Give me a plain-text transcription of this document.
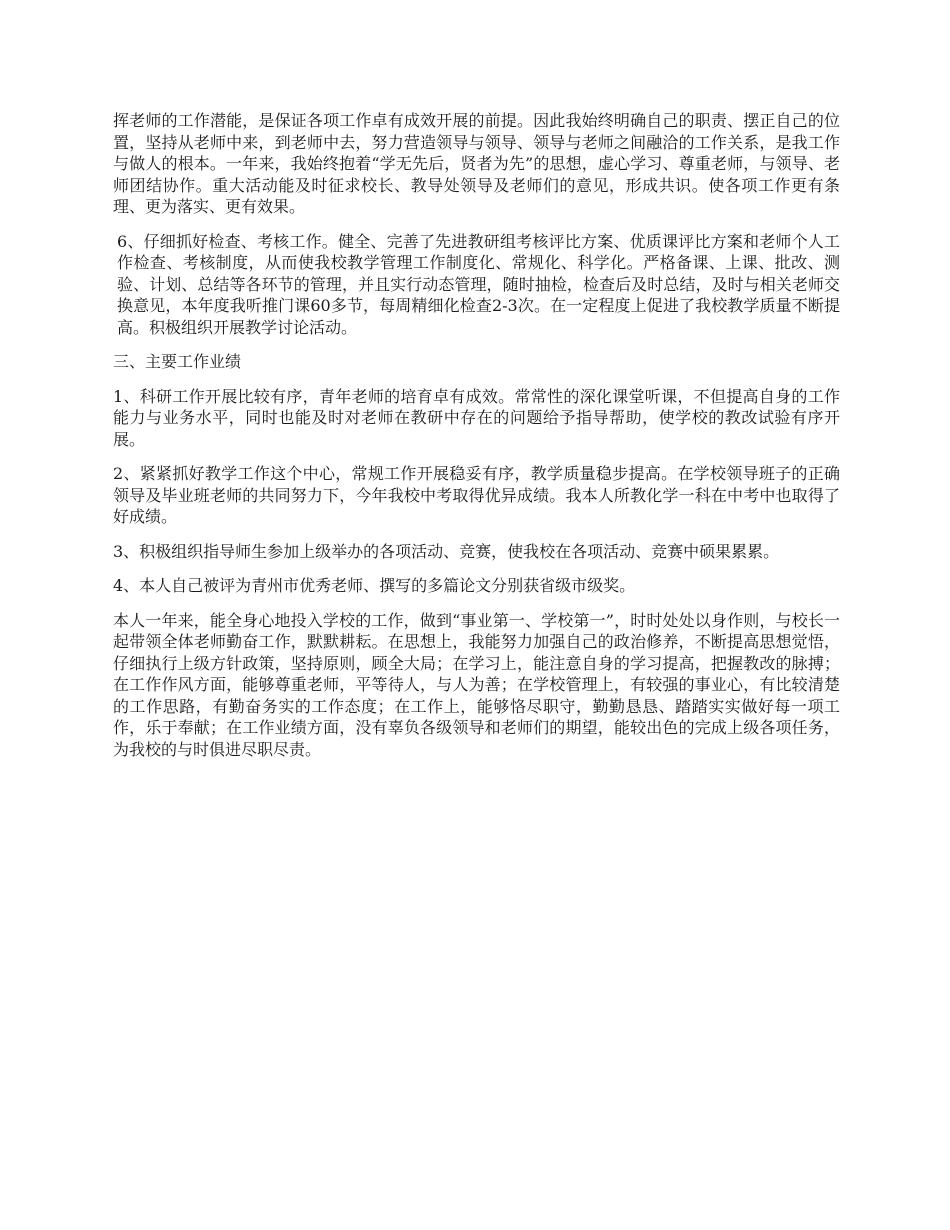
挥老师的工作潜能，是保证各项工作卓有成效开展的前提。因此我始终明确自己的职责、摆正自己的位置，坚持从老师中来，到老师中去，努力营造领导与领导、领导与老师之间融洽的工作关系，是我工作与做人的根本。一年来，我始终抱着“学无先后，贤者为先”的思想，虚心学习、尊重老师，与领导、老师团结协作。重大活动能及时征求校长、教导处领导及老师们的意见，形成共识。使各项工作更有条理、更为落实、更有效果。

6、仔细抓好检查、考核工作。健全、完善了先进教研组考核评比方案、优质课评比方案和老师个人工作检查、考核制度，从而使我校教学管理工作制度化、常规化、科学化。严格备课、上课、批改、测验、计划、总结等各环节的管理，并且实行动态管理，随时抽检，检查后及时总结，及时与相关老师交换意见，本年度我听推门课60多节，每周精细化检查2-3次。在一定程度上促进了我校教学质量不断提高。积极组织开展教学讨论活动。

三、主要工作业绩

1、科研工作开展比较有序，青年老师的培育卓有成效。常常性的深化课堂听课，不但提高自身的工作能力与业务水平，同时也能及时对老师在教研中存在的问题给予指导帮助，使学校的教改试验有序开展。

2、紧紧抓好教学工作这个中心，常规工作开展稳妥有序，教学质量稳步提高。在学校领导班子的正确领导及毕业班老师的共同努力下，今年我校中考取得优异成绩。我本人所教化学一科在中考中也取得了好成绩。

3、积极组织指导师生参加上级举办的各项活动、竞赛，使我校在各项活动、竞赛中硕果累累。

4、本人自己被评为青州市优秀老师、撰写的多篇论文分别获省级市级奖。

本人一年来，能全身心地投入学校的工作，做到“事业第一、学校第一”，时时处处以身作则，与校长一起带领全体老师勤奋工作，默默耕耘。在思想上，我能努力加强自己的政治修养，不断提高思想觉悟，仔细执行上级方针政策，坚持原则，顾全大局；在学习上，能注意自身的学习提高，把握教改的脉搏；在工作作风方面，能够尊重老师，平等待人，与人为善；在学校管理上，有较强的事业心，有比较清楚的工作思路，有勤奋务实的工作态度；在工作上，能够恪尽职守，勤勤恳恳、踏踏实实做好每一项工作，乐于奉献；在工作业绩方面，没有辜负各级领导和老师们的期望，能较出色的完成上级各项任务，为我校的与时俱进尽职尽责。
